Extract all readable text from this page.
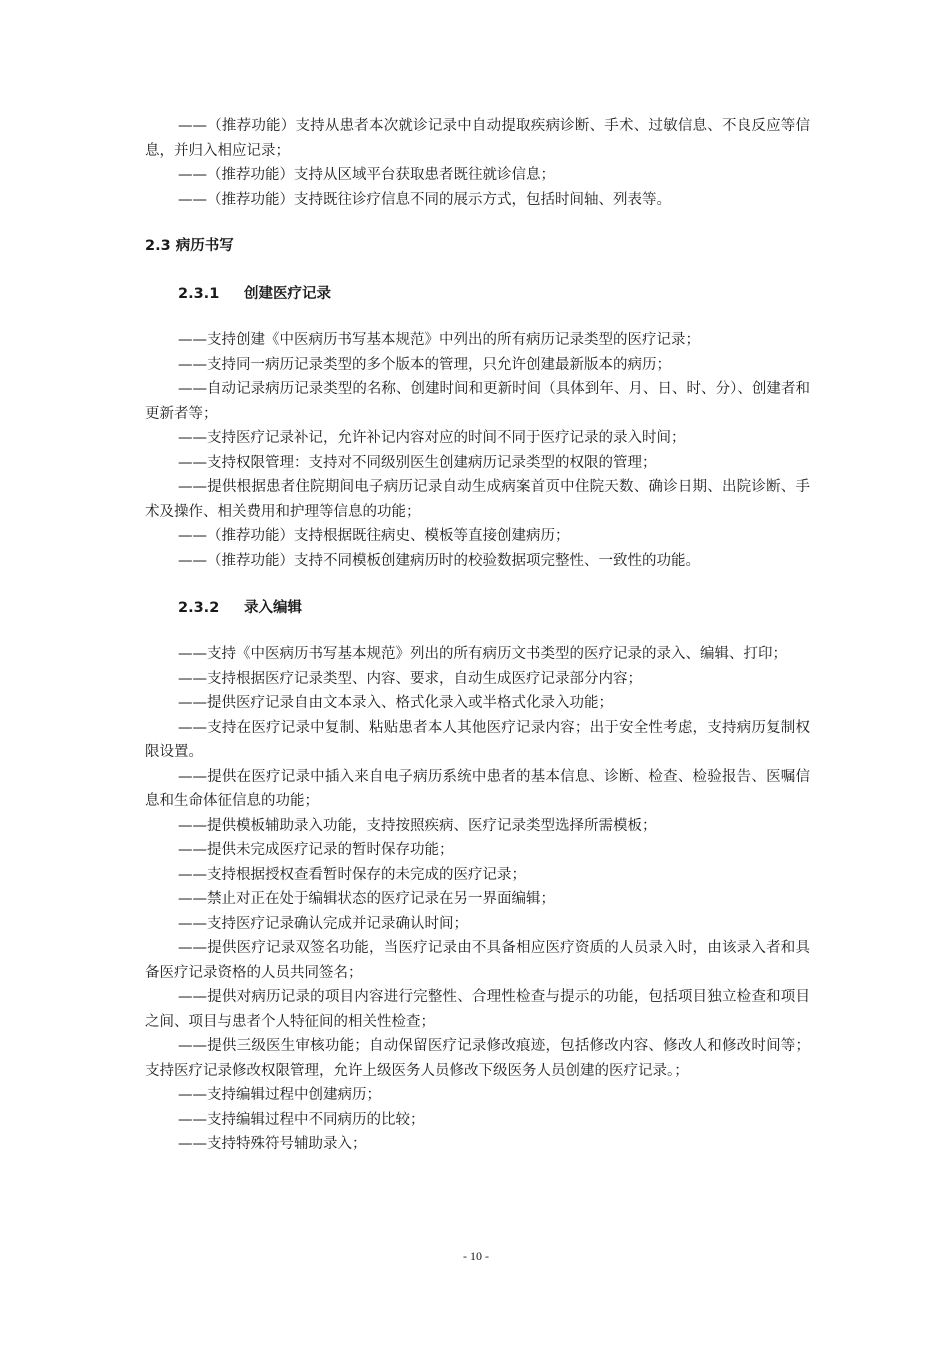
——（推荐功能）支持从患者本次就诊记录中自动提取疾病诊断、手术、过敏信息、不良反应等信息，并归入相应记录；

——（推荐功能）支持从区域平台获取患者既往就诊信息；

——（推荐功能）支持既往诊疗信息不同的展示方式，包括时间轴、列表等。

2.3 病历书写
2.3.1 创建医疗记录

——支持创建《中医病历书写基本规范》中列出的所有病历记录类型的医疗记录；

——支持同一病历记录类型的多个版本的管理，只允许创建最新版本的病历；

——自动记录病历记录类型的名称、创建时间和更新时间（具体到年、月、日、时、分）、创建者和更新者等；

——支持医疗记录补记，允许补记内容对应的时间不同于医疗记录的录入时间；

——支持权限管理：支持对不同级别医生创建病历记录类型的权限的管理；

——提供根据患者住院期间电子病历记录自动生成病案首页中住院天数、确诊日期、出院诊断、手术及操作、相关费用和护理等信息的功能；

——（推荐功能）支持根据既往病史、模板等直接创建病历；

——（推荐功能）支持不同模板创建病历时的校验数据项完整性、一致性的功能。

2.3.2 录入编辑

——支持《中医病历书写基本规范》列出的所有病历文书类型的医疗记录的录入、编辑、打印；

——支持根据医疗记录类型、内容、要求，自动生成医疗记录部分内容；

——提供医疗记录自由文本录入、格式化录入或半格式化录入功能；

——支持在医疗记录中复制、粘贴患者本人其他医疗记录内容；出于安全性考虑，支持病历复制权限设置。

——提供在医疗记录中插入来自电子病历系统中患者的基本信息、诊断、检查、检验报告、医嘱信息和生命体征信息的功能；

——提供模板辅助录入功能，支持按照疾病、医疗记录类型选择所需模板；

——提供未完成医疗记录的暂时保存功能；

——支持根据授权查看暂时保存的未完成的医疗记录；

——禁止对正在处于编辑状态的医疗记录在另一界面编辑；

——支持医疗记录确认完成并记录确认时间；

——提供医疗记录双签名功能，当医疗记录由不具备相应医疗资质的人员录入时，由该录入者和具备医疗记录资格的人员共同签名；

——提供对病历记录的项目内容进行完整性、合理性检查与提示的功能，包括项目独立检查和项目之间、项目与患者个人特征间的相关性检查；

——提供三级医生审核功能；自动保留医疗记录修改痕迹，包括修改内容、修改人和修改时间等；支持医疗记录修改权限管理，允许上级医务人员修改下级医务人员创建的医疗记录。；

——支持编辑过程中创建病历；

——支持编辑过程中不同病历的比较；

——支持特殊符号辅助录入；

- 10 -
